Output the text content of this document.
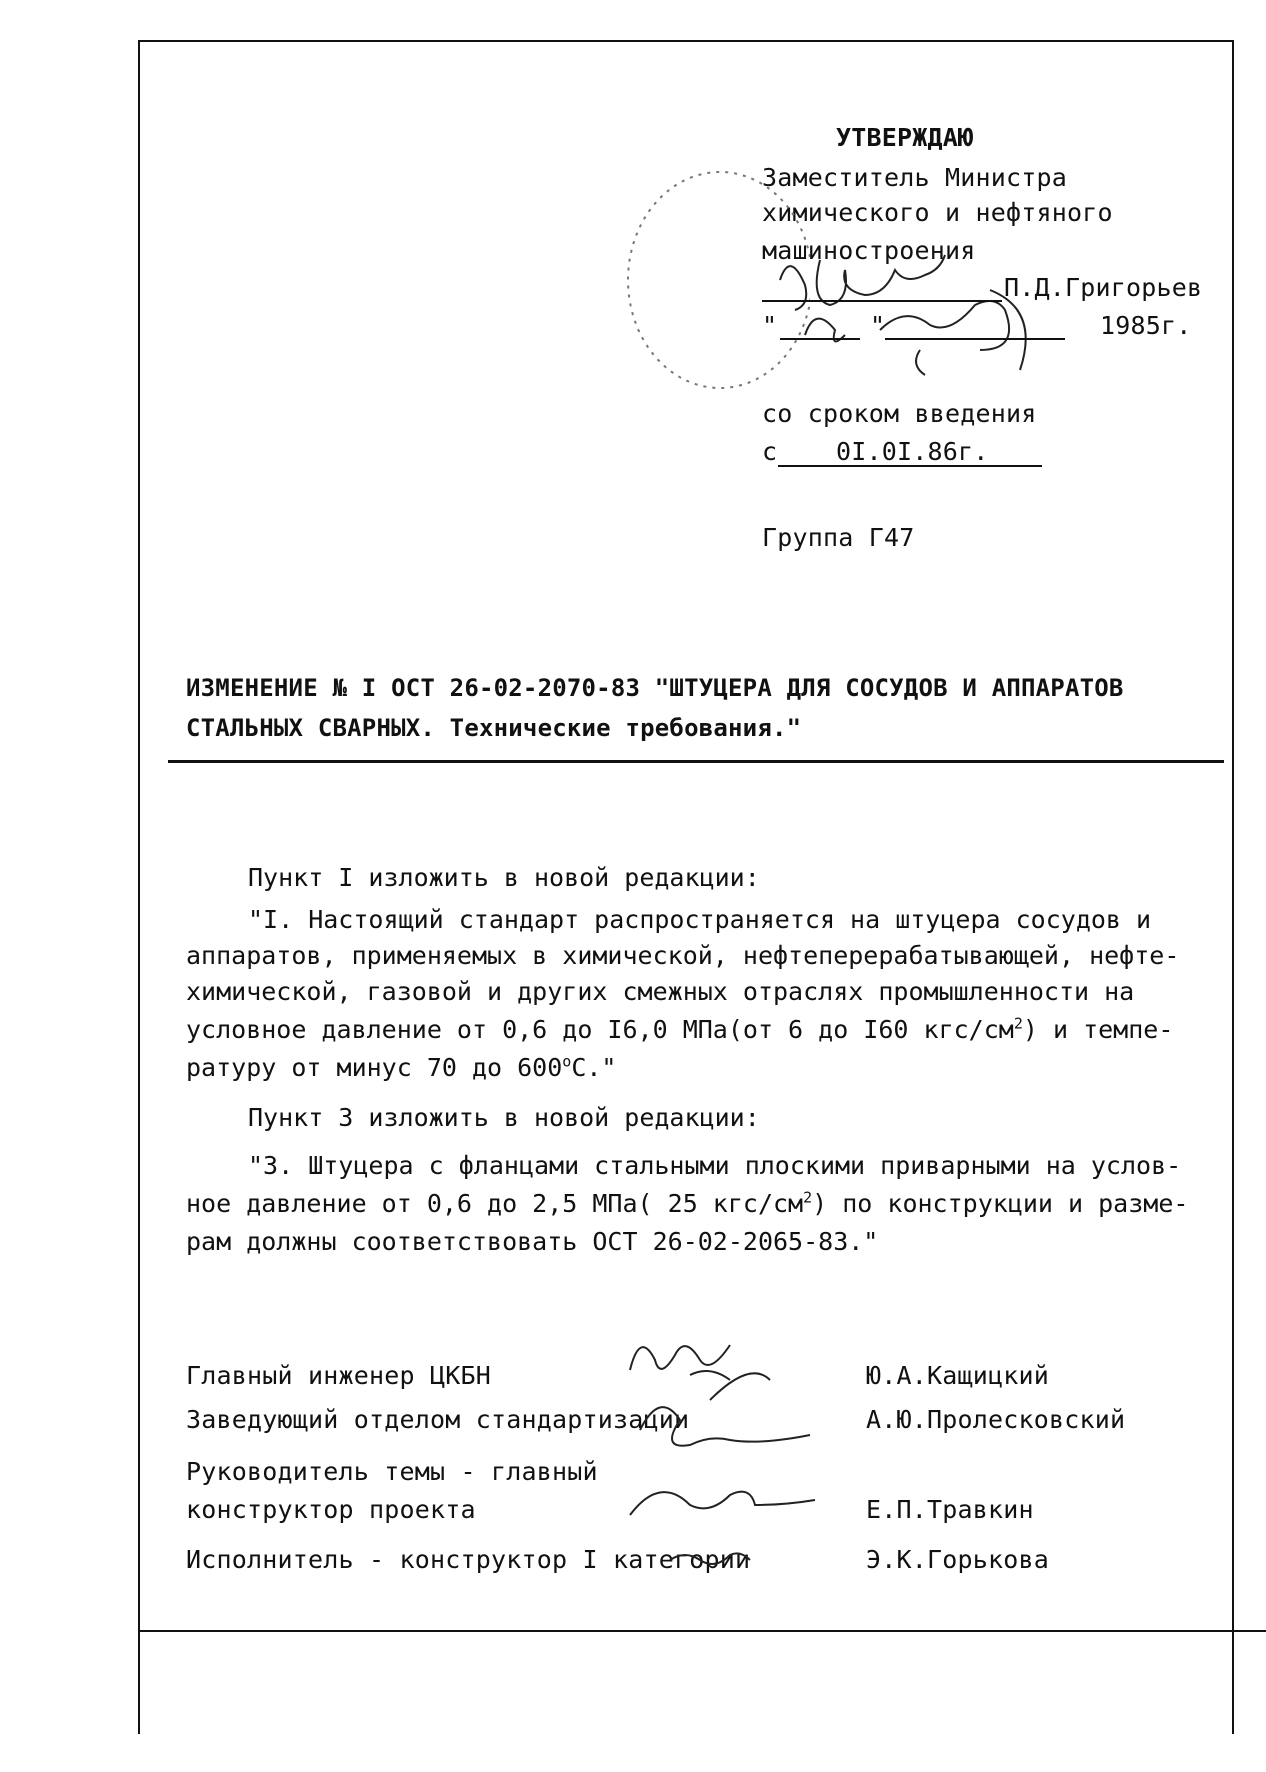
УТВЕРЖДАЮ
Заместитель Министра
химического и нефтяного
машиностроения
П.Д.Григорьев
"	"	1985г.
со сроком введения
с 0I.0I.86г.
Группа Г47
ИЗМЕНЕНИЕ № I ОСТ 26-02-2070-83 "ШТУЦЕРА ДЛЯ СОСУДОВ И АППАРАТОВ
СТАЛЬНЫХ СВАРНЫХ. Технические требования."
Пункт I изложить в новой редакции:
"I. Настоящий стандарт распространяется на штуцера сосудов и
аппаратов, применяемых в химической, нефтеперерабатывающей, нефте-
химической, газовой и других смежных отраслях промышленности на
условное давление от 0,6 до I6,0 МПа(от 6 до I60 кгс/$см^2$) и темпе-
ратуру от минус 70 до $600^оС$."
Пункт 3 изложить в новой редакции:
"3. Штуцера с фланцами стальными плоскими приварными на услов-
ное давление от 0,6 до 2,5 МПа( 25 кгс/$см^2$) по конструкции и разме-
рам должны соответствовать ОСТ 26-02-2065-83."
Главный инженер ЦКБН	Ю.А.Кащицкий
Заведующий отделом стандартизации	А.Ю.Пролесковский
Руководитель темы - главный
конструктор проекта	Е.П.Травкин
Исполнитель - конструктор I категории	Э.К.Горькова
